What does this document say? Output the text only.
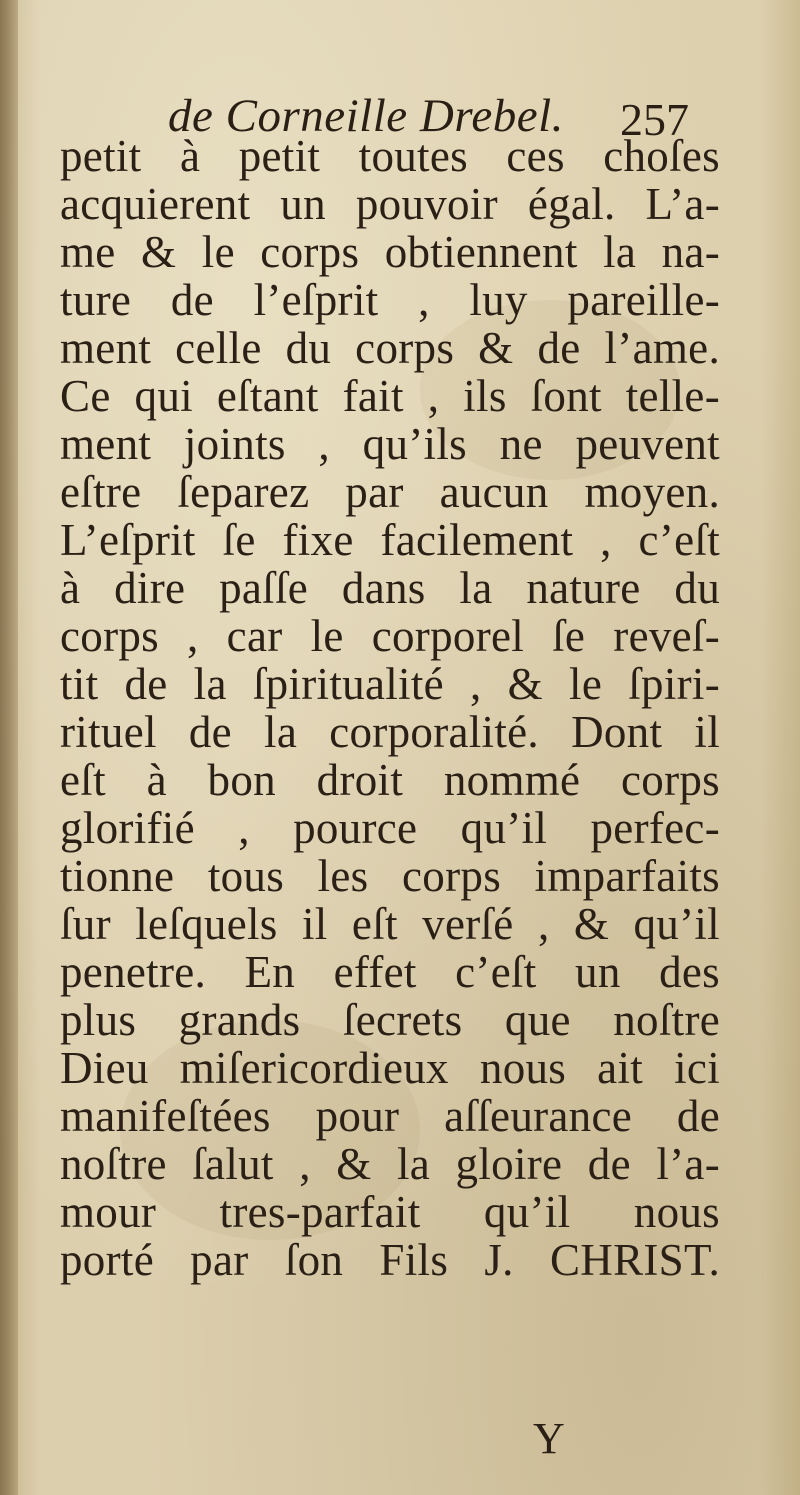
de Corneille Drebel. 257
petit à petit toutes ces choſes
acquierent un pouvoir égal. L’a-
me & le corps obtiennent la na-
ture de l’eſprit , luy pareille-
ment celle du corps & de l’ame.
Ce qui eſtant fait , ils ſont telle-
ment joints , qu’ils ne peuvent
eſtre ſeparez par aucun moyen.
L’eſprit ſe fixe facilement , c’eſt
à dire paſſe dans la nature du
corps , car le corporel ſe reveſ-
tit de la ſpiritualité , & le ſpiri-
rituel de la corporalité. Dont il
eſt à bon droit nommé corps
glorifié , pource qu’il perfec-
tionne tous les corps imparfaits
ſur leſquels il eſt verſé , & qu’il
penetre. En effet c’eſt un des
plus grands ſecrets que noſtre
Dieu miſericordieux nous ait ici
manifeſtées pour aſſeurance de
noſtre ſalut , & la gloire de l’a-
mour tres-parfait qu’il nous
porté par ſon Fils J. CHRIST.
Y
